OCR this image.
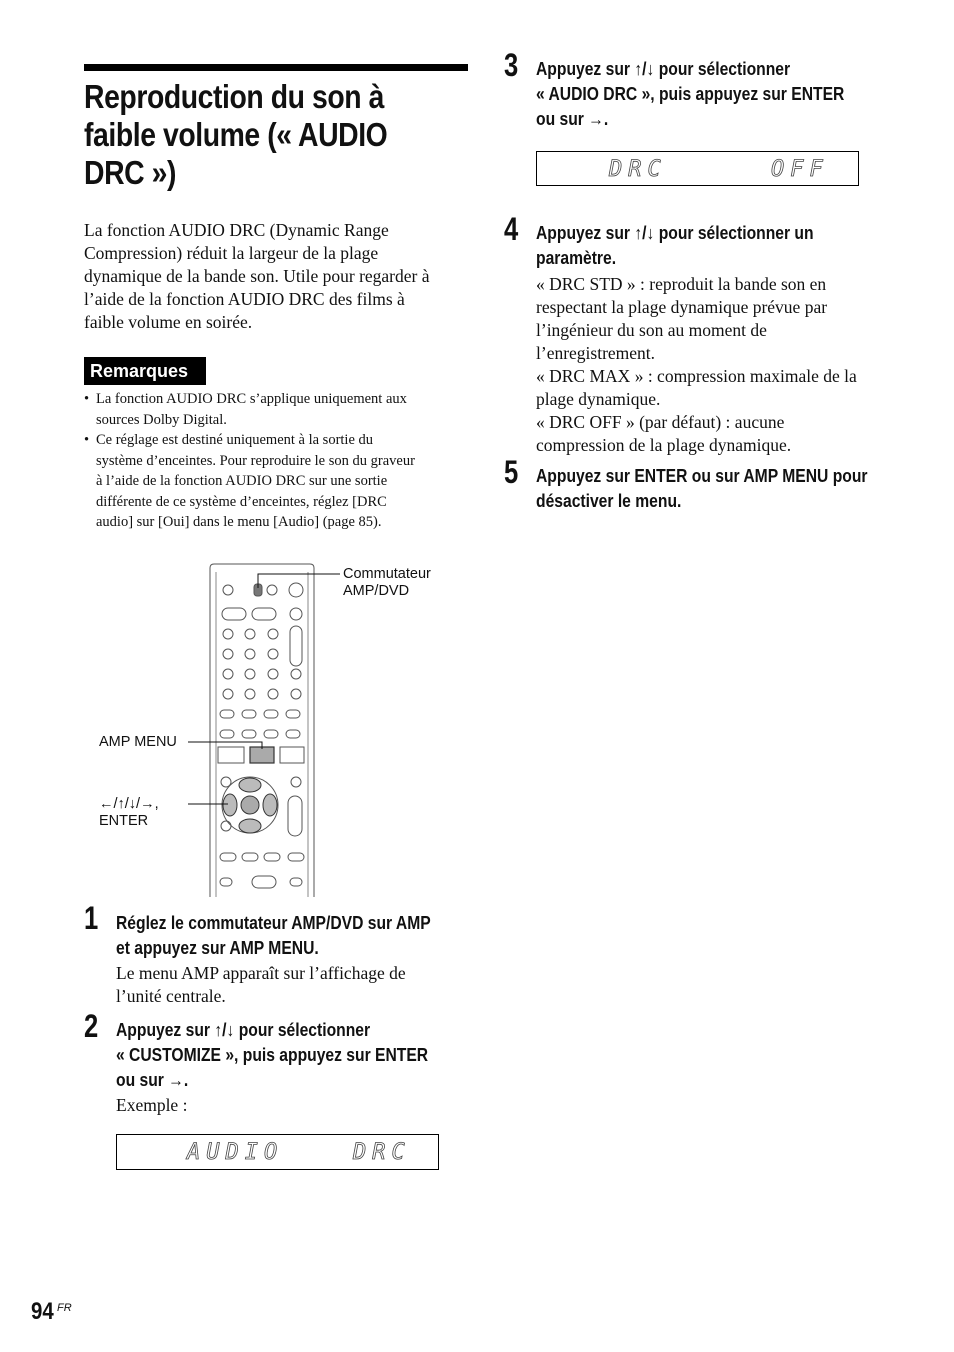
Reproduction du son à
faible volume (« AUDIO
DRC »)
La fonction AUDIO DRC (Dynamic Range
Compression) réduit la largeur de la plage
dynamique de la bande son. Utile pour regarder à
l’aide de la fonction AUDIO DRC des films à
faible volume en soirée.
Remarques
• La fonction AUDIO DRC s’applique uniquement aux
sources Dolby Digital.
• Ce réglage est destiné uniquement à la sortie du
système d’enceintes. Pour reproduire le son du graveur
à l’aide de la fonction AUDIO DRC sur une sortie
différente de ce système d’enceintes, réglez [DRC
audio] sur [Oui] dans le menu [Audio] (page 85).
Commutateur
AMP/DVD
AMP MENU
←/↑/↓/→,
ENTER
1 Réglez le commutateur AMP/DVD sur AMP
et appuyez sur AMP MENU.
Le menu AMP apparaît sur l’affichage de
l’unité centrale.
2 Appuyez sur ↑/↓ pour sélectionner
« CUSTOMIZE », puis appuyez sur ENTER
ou sur →.
Exemple :
AUDIO	DRC
3 Appuyez sur ↑/↓ pour sélectionner
« AUDIO DRC », puis appuyez sur ENTER
ou sur →.
DRC	OFF
4 Appuyez sur ↑/↓ pour sélectionner un
paramètre.
« DRC STD » : reproduit la bande son en
respectant la plage dynamique prévue par
l’ingénieur du son au moment de
l’enregistrement.
« DRC MAX » : compression maximale de la
plage dynamique.
« DRC OFF » (par défaut) : aucune
compression de la plage dynamique.
5 Appuyez sur ENTER ou sur AMP MENU pour
désactiver le menu.
94 FR
